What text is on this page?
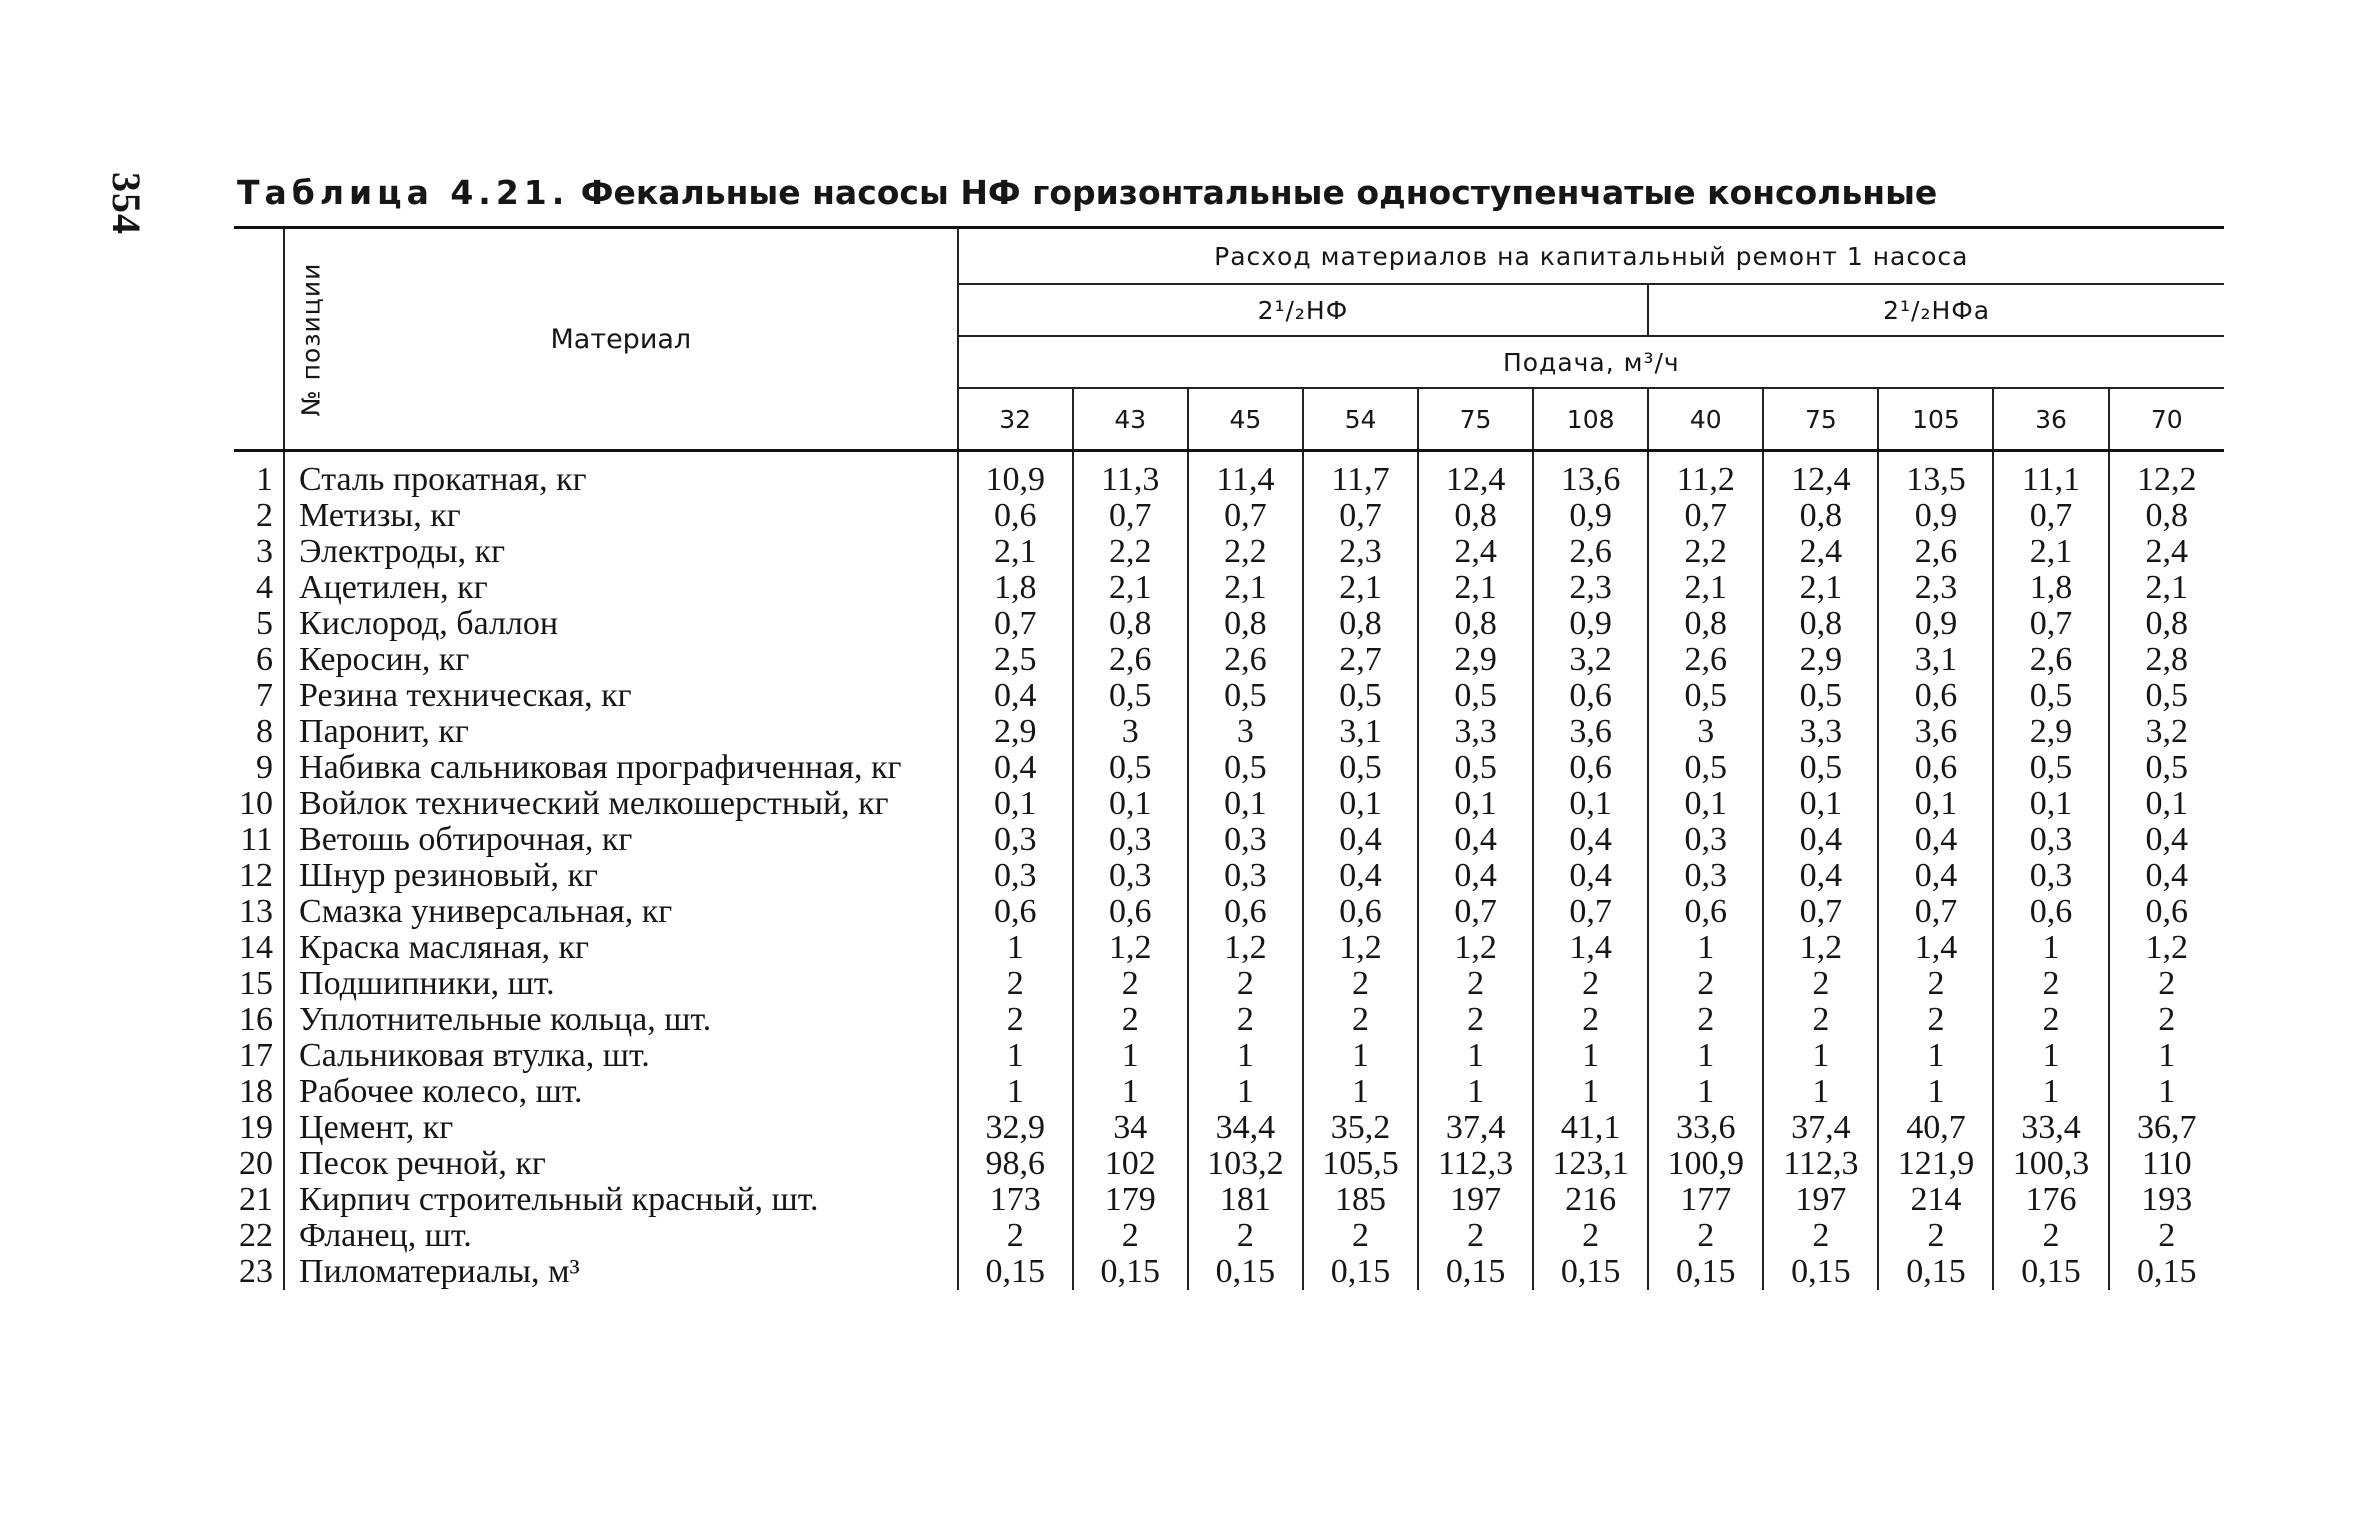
354	Таблица 4.21. Фекальные насосы НФ горизонтальные одноступенчатые консольные
№ позиции	Материал	Расход материалов на капитальный ремонт 1 насоса										
		2¹/₂НФ						2¹/₂НФа				
		Подача, м³/ч										
		32	43	45	54	75	108	40	75	105	36	70
1	Сталь прокатная, кг	10,9	11,3	11,4	11,7	12,4	13,6	11,2	12,4	13,5	11,1	12,2
2	Метизы, кг	0,6	0,7	0,7	0,7	0,8	0,9	0,7	0,8	0,9	0,7	0,8
3	Электроды, кг	2,1	2,2	2,2	2,3	2,4	2,6	2,2	2,4	2,6	2,1	2,4
4	Ацетилен, кг	1,8	2,1	2,1	2,1	2,1	2,3	2,1	2,1	2,3	1,8	2,1
5	Кислород, баллон	0,7	0,8	0,8	0,8	0,8	0,9	0,8	0,8	0,9	0,7	0,8
6	Керосин, кг	2,5	2,6	2,6	2,7	2,9	3,2	2,6	2,9	3,1	2,6	2,8
7	Резина техническая, кг	0,4	0,5	0,5	0,5	0,5	0,6	0,5	0,5	0,6	0,5	0,5
8	Паронит, кг	2,9	3	3	3,1	3,3	3,6	3	3,3	3,6	2,9	3,2
9	Набивка сальниковая прографиченная, кг	0,4	0,5	0,5	0,5	0,5	0,6	0,5	0,5	0,6	0,5	0,5
10	Войлок технический мелкошерстный, кг	0,1	0,1	0,1	0,1	0,1	0,1	0,1	0,1	0,1	0,1	0,1
11	Ветошь обтирочная, кг	0,3	0,3	0,3	0,4	0,4	0,4	0,3	0,4	0,4	0,3	0,4
12	Шнур резиновый, кг	0,3	0,3	0,3	0,4	0,4	0,4	0,3	0,4	0,4	0,3	0,4
13	Смазка универсальная, кг	0,6	0,6	0,6	0,6	0,7	0,7	0,6	0,7	0,7	0,6	0,6
14	Краска масляная, кг	1	1,2	1,2	1,2	1,2	1,4	1	1,2	1,4	1	1,2
15	Подшипники, шт.	2	2	2	2	2	2	2	2	2	2	2
16	Уплотнительные кольца, шт.	2	2	2	2	2	2	2	2	2	2	2
17	Сальниковая втулка, шт.	1	1	1	1	1	1	1	1	1	1	1
18	Рабочее колесо, шт.	1	1	1	1	1	1	1	1	1	1	1
19	Цемент, кг	32,9	34	34,4	35,2	37,4	41,1	33,6	37,4	40,7	33,4	36,7
20	Песок речной, кг	98,6	102	103,2	105,5	112,3	123,1	100,9	112,3	121,9	100,3	110
21	Кирпич строительный красный, шт.	173	179	181	185	197	216	177	197	214	176	193
22	Фланец, шт.	2	2	2	2	2	2	2	2	2	2	2
23	Пиломатериалы, м³	0,15	0,15	0,15	0,15	0,15	0,15	0,15	0,15	0,15	0,15	0,15
